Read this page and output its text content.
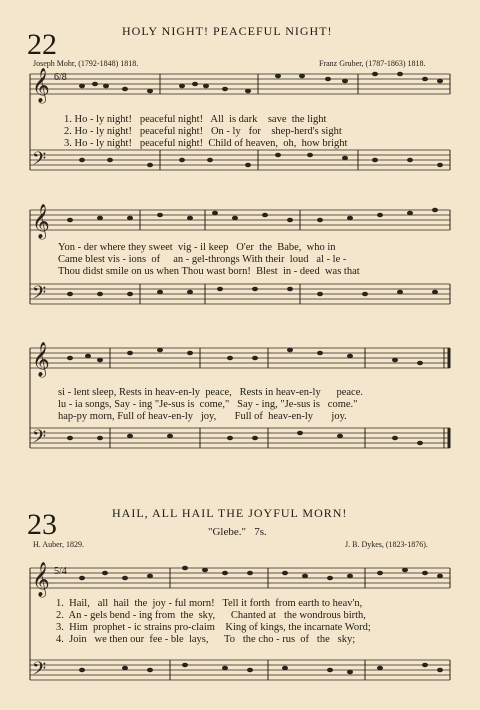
22	HOLY NIGHT! PEACEFUL NIGHT!
Joseph Mohr, (1792-1848) 1818.	Franz Gruber, (1787-1863) 1818.
𝄞
𝄢
𝄞
𝄢
𝄞
𝄢
𝄞
𝄢
6/8
5/4
1. Ho - ly night!   peaceful night!   All  is dark    save  the light
2. Ho - ly night!   peaceful night!   On - ly   for    shep-herd's sight
3. Ho - ly night!   peaceful night!  Child of heaven,  oh,  how bright
Yon - der where they sweet  vig - il keep   O'er  the  Babe,  who in
Came blest vis - ions  of     an - gel-throngs With their  loud   al - le -
Thou didst smile on us when Thou wast born!  Blest  in - deed  was that
si - lent sleep, Rests in heav-en-ly  peace,   Rests in heav-en-ly      peace.
lu - ia songs, Say - ing "Je-sus is  come,"   Say - ing, "Je-sus is   come."
hap-py morn, Full of heav-en-ly   joy,       Full of  heav-en-ly       joy.
23	HAIL, ALL HAIL THE JOYFUL MORN!
"Glebe."   7s.
H. Auber, 1829.	J. B. Dykes, (1823-1876).
1.  Hail,   all  hail  the  joy - ful morn!   Tell it forth  from earth to heav'n,
2.  An - gels bend - ing from  the  sky,      Chanted at   the wondrous birth,
3.  Him  prophet - ic strains pro-claim    King of kings, the incarnate Word;
4.  Join   we then our  fee - ble  lays,      To   the cho - rus  of   the   sky;
